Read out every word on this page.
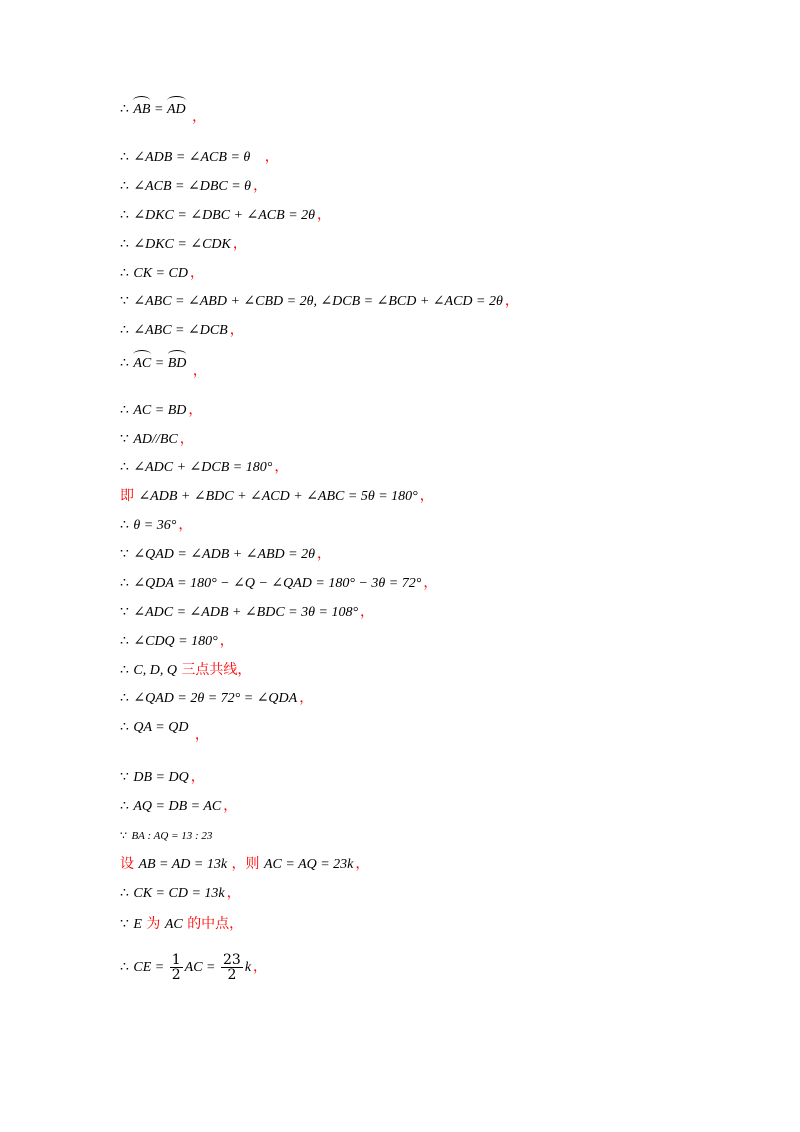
∴ AB = AD ，
∴ ∠ADB = ∠ACB = θ ，
∴ ∠ACB = ∠DBC = θ ，
∴ ∠DKC = ∠DBC + ∠ACB = 2θ ，
∴ ∠DKC = ∠CDK ，
∴ CK = CD ，
∵ ∠ABC = ∠ABD + ∠CBD = 2θ, ∠DCB = ∠BCD + ∠ACD = 2θ ，
∴ ∠ABC = ∠DCB ，
∴ AC = BD ，
∴ AC = BD ，
∵ AD//BC ，
∴ ∠ADC + ∠DCB = 180° ，
即 ∠ADB + ∠BDC + ∠ACD + ∠ABC = 5θ = 180° ，
∴ θ = 36° ，
∵ ∠QAD = ∠ADB + ∠ABD = 2θ ，
∴ ∠QDA = 180° − ∠Q − ∠QAD = 180° − 3θ = 72° ，
∵ ∠ADC = ∠ADB + ∠BDC = 3θ = 108° ，
∴ ∠CDQ = 180° ，
∴ C, D, Q 三点共线，
∴ ∠QAD = 2θ = 72° = ∠QDA ，
∴ QA = QD ，
∵ DB = DQ ，
∴ AQ = DB = AC ，
∵ BA : AQ = 13 : 23
设 AB = AD = 13k ，则 AC = AQ = 23k ，
∴ CK = CD = 13k ，
∵ E 为 AC 的中点，
∴ CE = $\frac{1}{2}$ AC = $\frac{23}{2}$ k ，
